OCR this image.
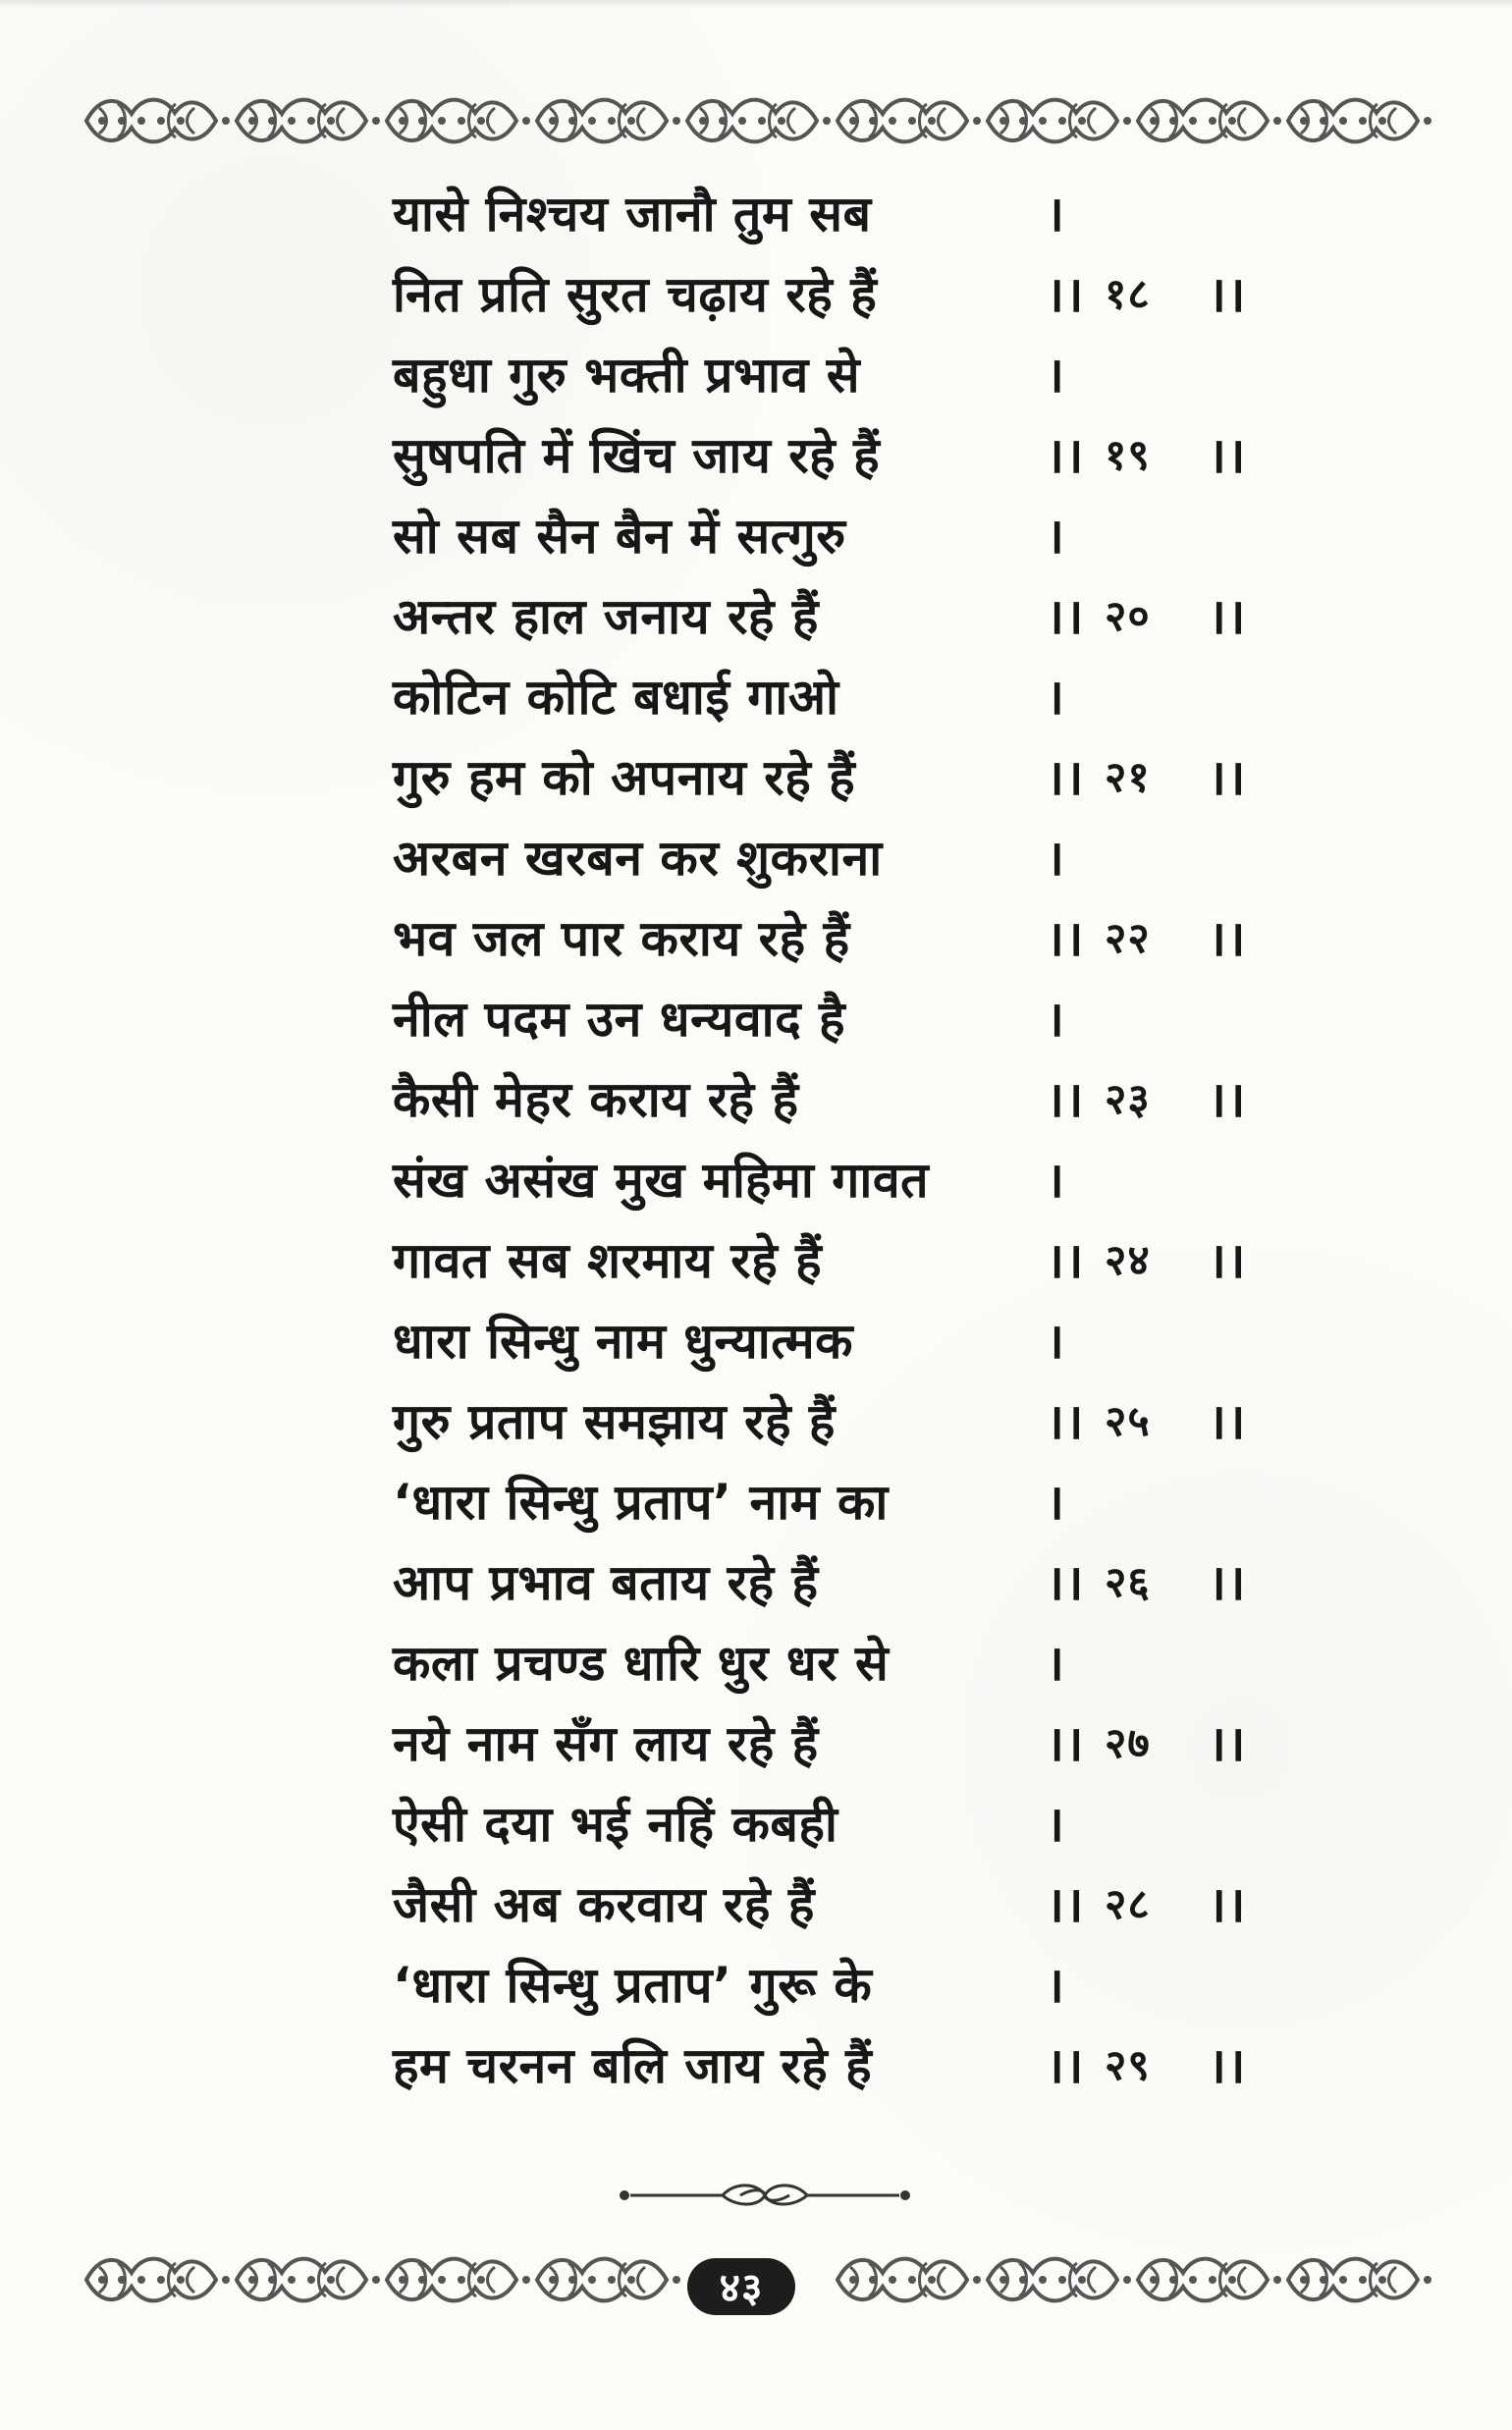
यासे निश्चय जानौ तुम सब	।
नित प्रति सुरत चढ़ाय रहे हैं	।। १८ ।।
बहुधा गुरु भक्ती प्रभाव से	।
सुषपति में खिंच जाय रहे हैं	।। १९ ।।
सो सब सैन बैन में सत्गुरु	।
अन्तर हाल जनाय रहे हैं	।। २० ।।
कोटिन कोटि बधाई गाओ	।
गुरु हम को अपनाय रहे हैं	।। २१ ।।
अरबन खरबन कर शुकराना	।
भव जल पार कराय रहे हैं	।। २२ ।।
नील पदम उन धन्यवाद है	।
कैसी मेहर कराय रहे हैं	।। २३ ।।
संख असंख मुख महिमा गावत	।
गावत सब शरमाय रहे हैं	।। २४ ।।
धारा सिन्धु नाम धुन्यात्मक	।
गुरु प्रताप समझाय रहे हैं	।। २५ ।।
‘धारा सिन्धु प्रताप’ नाम का	।
आप प्रभाव बताय रहे हैं	।। २६ ।।
कला प्रचण्ड धारि धुर धर से	।
नये नाम सँग लाय रहे हैं	।। २७ ।।
ऐसी दया भई नहिं कबही	।
जैसी अब करवाय रहे हैं	।। २८ ।।
‘धारा सिन्धु प्रताप’ गुरू के	।
हम चरनन बलि जाय रहे हैं	।। २९ ।।
४३
